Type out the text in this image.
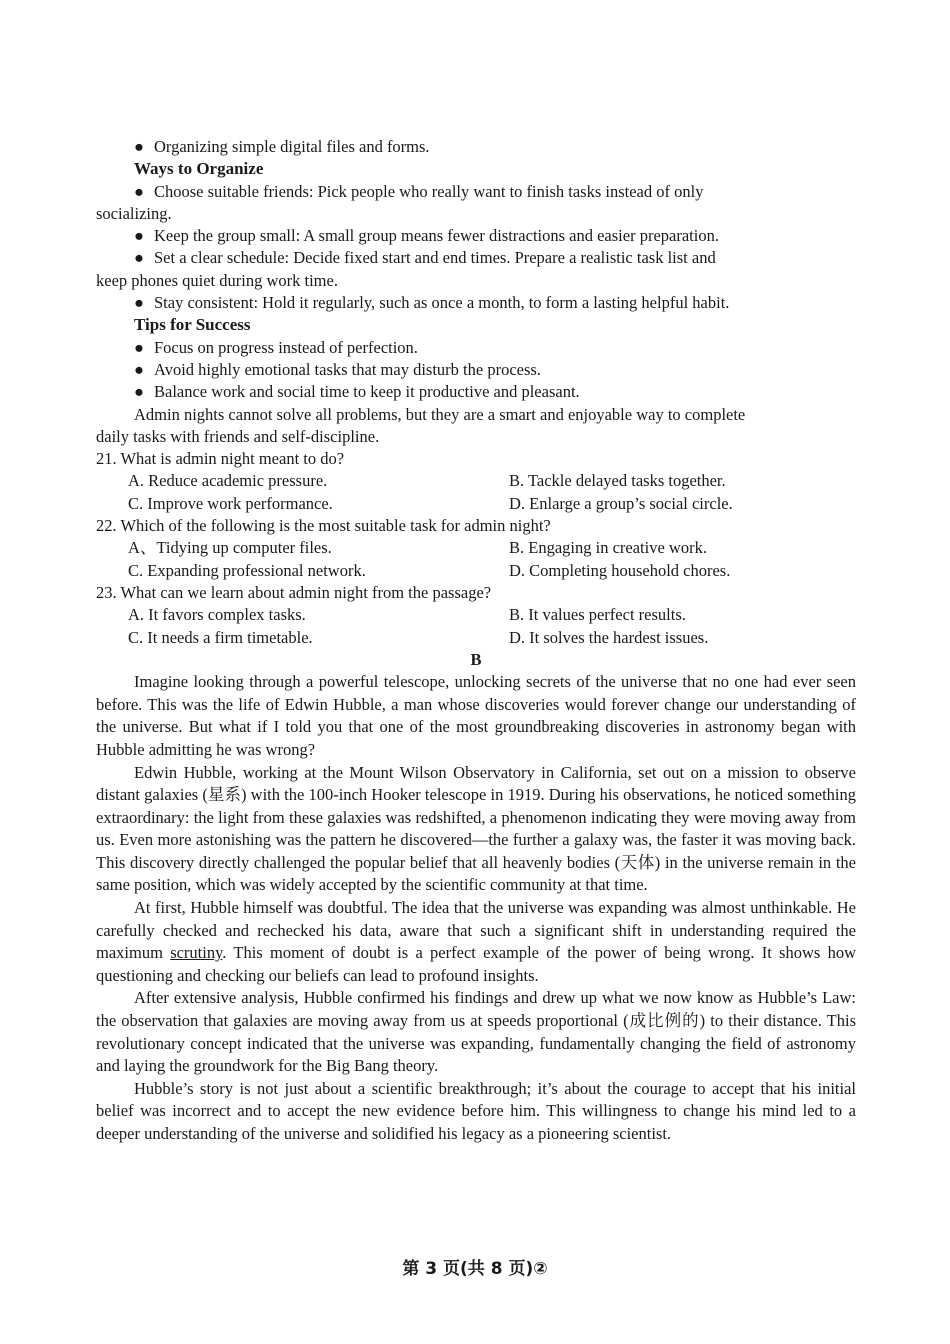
● Organizing simple digital files and forms.

Ways to Organize

● Choose suitable friends: Pick people who really want to finish tasks instead of only

socializing.

● Keep the group small: A small group means fewer distractions and easier preparation.

● Set a clear schedule: Decide fixed start and end times. Prepare a realistic task list and

keep phones quiet during work time.

● Stay consistent: Hold it regularly, such as once a month, to form a lasting helpful habit.

Tips for Success

● Focus on progress instead of perfection.

● Avoid highly emotional tasks that may disturb the process.

● Balance work and social time to keep it productive and pleasant.

Admin nights cannot solve all problems, but they are a smart and enjoyable way to complete

daily tasks with friends and self-discipline.

21. What is admin night meant to do?

A. Reduce academic pressure.	B. Tackle delayed tasks together.
C. Improve work performance.	D. Enlarge a group’s social circle.

22. Which of the following is the most suitable task for admin night?

A、Tidying up computer files.	B. Engaging in creative work.
C. Expanding professional network.	D. Completing household chores.

23. What can we learn about admin night from the passage?

A. It favors complex tasks.	B. It values perfect results.
C. It needs a firm timetable.	D. It solves the hardest issues.

B

Imagine looking through a powerful telescope, unlocking secrets of the universe that no one had ever seen before. This was the life of Edwin Hubble, a man whose discoveries would forever change our understanding of the universe. But what if I told you that one of the most groundbreaking discoveries in astronomy began with Hubble admitting he was wrong?

Edwin Hubble, working at the Mount Wilson Observatory in California, set out on a mission to observe distant galaxies (星系) with the 100-inch Hooker telescope in 1919. During his observations, he noticed something extraordinary: the light from these galaxies was redshifted, a phenomenon indicating they were moving away from us. Even more astonishing was the pattern he discovered—the further a galaxy was, the faster it was moving back. This discovery directly challenged the popular belief that all heavenly bodies (天体) in the universe remain in the same position, which was widely accepted by the scientific community at that time.

At first, Hubble himself was doubtful. The idea that the universe was expanding was almost unthinkable. He carefully checked and rechecked his data, aware that such a significant shift in understanding required the maximum scrutiny. This moment of doubt is a perfect example of the power of being wrong. It shows how questioning and checking our beliefs can lead to profound insights.

After extensive analysis, Hubble confirmed his findings and drew up what we now know as Hubble’s Law: the observation that galaxies are moving away from us at speeds proportional (成比例的) to their distance. This revolutionary concept indicated that the universe was expanding, fundamentally changing the field of astronomy and laying the groundwork for the Big Bang theory.

Hubble’s story is not just about a scientific breakthrough; it’s about the courage to accept that his initial belief was incorrect and to accept the new evidence before him. This willingness to change his mind led to a deeper understanding of the universe and solidified his legacy as a pioneering scientist.

第 3 页(共 8 页)②
